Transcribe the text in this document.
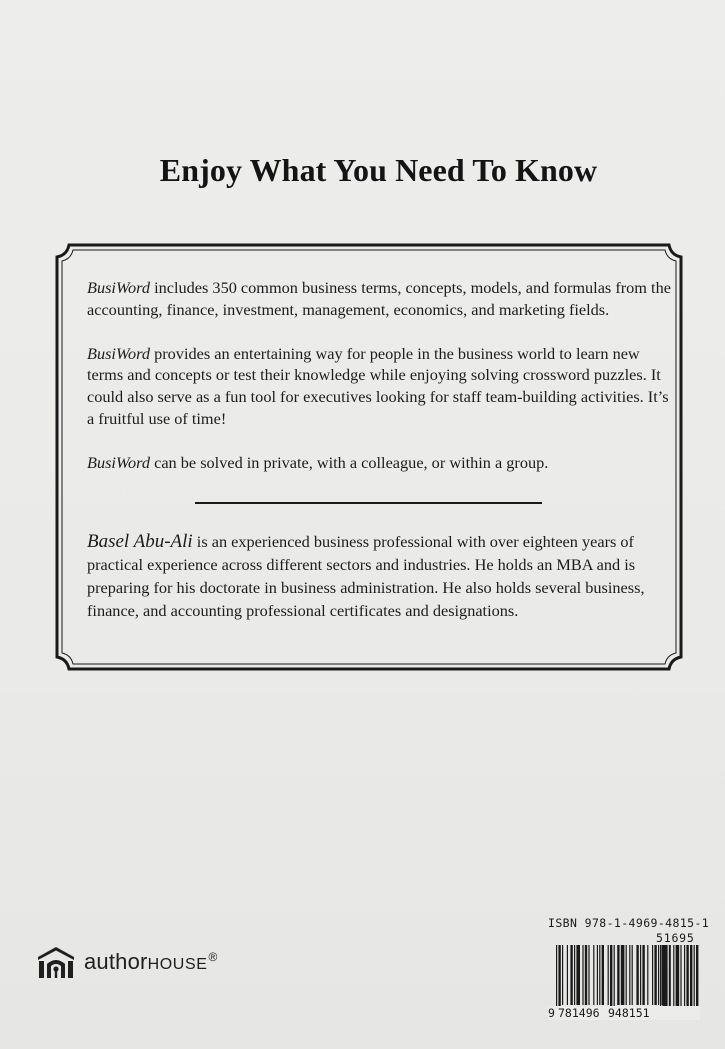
Enjoy What You Need To Know

BusiWord includes 350 common business terms, concepts, models, and formulas from the accounting, finance, investment, management, economics, and marketing fields.

BusiWord provides an entertaining way for people in the business world to learn new terms and concepts or test their knowledge while enjoying solving crossword puzzles. It could also serve as a fun tool for executives looking for staff team-building activities. It’s a fruitful use of time!

BusiWord can be solved in private, with a colleague, or within a group.

Basel Abu-Ali is an experienced business professional with over eighteen years of practical experience across different sectors and industries. He holds an MBA and is preparing for his doctorate in business administration. He also holds several business, finance, and accounting professional certificates and designations.

authorHOUSE®
ISBN 978-1-4969-4815-1
51695
9 781496 948151
